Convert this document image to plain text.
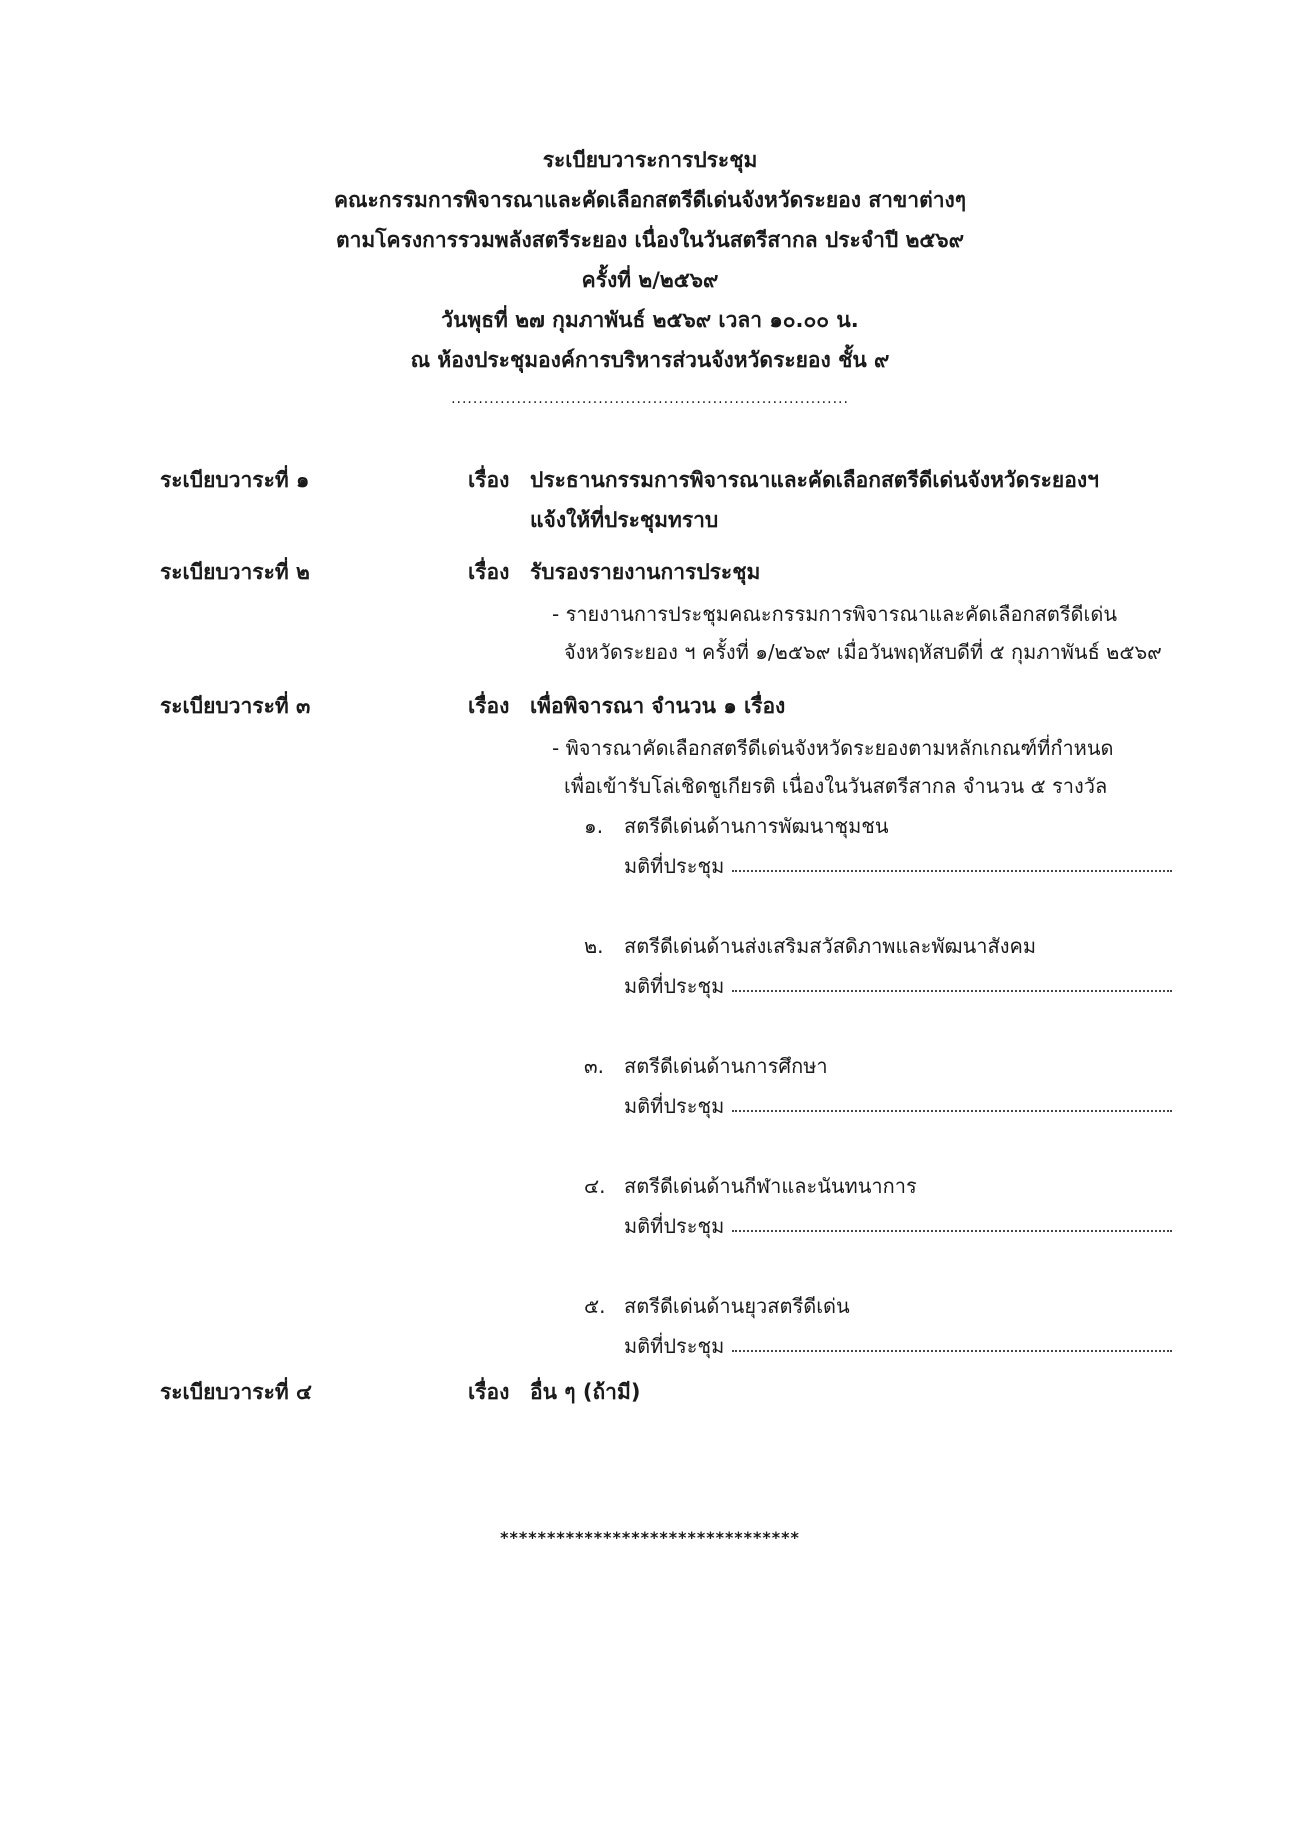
ระเบียบวาระการประชุม
คณะกรรมการพิจารณาและคัดเลือกสตรีดีเด่นจังหวัดระยอง สาขาต่างๆ
ตามโครงการรวมพลังสตรีระยอง เนื่องในวันสตรีสากล ประจำปี ๒๕๖๙
ครั้งที่ ๒/๒๕๖๙
วันพุธที่ ๒๗ กุมภาพันธ์ ๒๕๖๙ เวลา ๑๐.๐๐ น.
ณ ห้องประชุมองค์การบริหารส่วนจังหวัดระยอง ชั้น ๙
.........................................................................
ระเบียบวาระที่ ๑	เรื่อง ประธานกรรมการพิจารณาและคัดเลือกสตรีดีเด่นจังหวัดระยองฯ
แจ้งให้ที่ประชุมทราบ
ระเบียบวาระที่ ๒	เรื่อง รับรองรายงานการประชุม
- รายงานการประชุมคณะกรรมการพิจารณาและคัดเลือกสตรีดีเด่น
จังหวัดระยอง ฯ ครั้งที่ ๑/๒๕๖๙ เมื่อวันพฤหัสบดีที่ ๕ กุมภาพันธ์ ๒๕๖๙
ระเบียบวาระที่ ๓	เรื่อง เพื่อพิจารณา จำนวน ๑ เรื่อง
- พิจารณาคัดเลือกสตรีดีเด่นจังหวัดระยองตามหลักเกณฑ์ที่กำหนด
เพื่อเข้ารับโล่เชิดชูเกียรติ เนื่องในวันสตรีสากล จำนวน ๕ รางวัล
๑. สตรีดีเด่นด้านการพัฒนาชุมชน
มติที่ประชุม
๒. สตรีดีเด่นด้านส่งเสริมสวัสดิภาพและพัฒนาสังคม
มติที่ประชุม
๓. สตรีดีเด่นด้านการศึกษา
มติที่ประชุม
๔. สตรีดีเด่นด้านกีฬาและนันทนาการ
มติที่ประชุม
๕. สตรีดีเด่นด้านยุวสตรีดีเด่น
มติที่ประชุม
ระเบียบวาระที่ ๔	เรื่อง อื่น ๆ (ถ้ามี)
********************************
